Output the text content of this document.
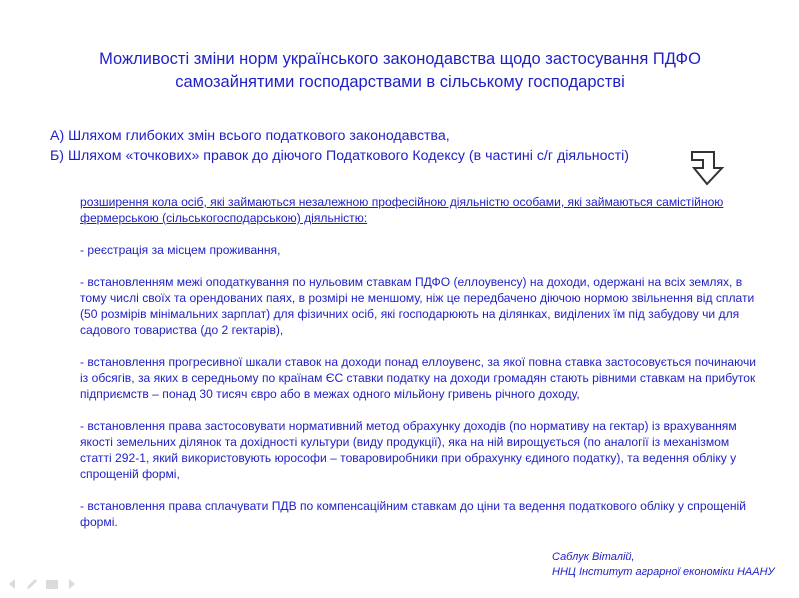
Можливості зміни норм українського законодавства щодо застосування ПДФО
самозайнятими господарствами в сільському господарстві
А) Шляхом глибоких змін всього податкового законодавства,
Б) Шляхом «точкових» правок до діючого Податкового Кодексу (в частині с/г діяльності)

розширення кола осіб, які займаються незалежною професійною діяльністю особами, які займаються самістійною фермерською (сільськогосподарською) діяльністю:

- реєстрація за місцем проживання,

- встановленням межі оподаткування по нульовим ставкам ПДФО (еллоувенсу) на доходи, одержані на всіх землях, в тому числі своїх та орендованих паях, в розмірі не меншому, ніж це передбачено діючою нормою звільнення від сплати (50 розмірів мінімальних зарплат) для фізичних осіб, які господарюють на ділянках, виділених їм під забудову чи для садового товариства (до 2 гектарів),

- встановлення прогресивної шкали ставок на доходи понад еллоувенс, за якої повна ставка застосовується починаючи із обсягів, за яких в середньому по країнам ЄС ставки податку на доходи громадян стають рівними ставкам на прибуток підприємств – понад 30 тисяч євро або в межах одного мільйону гривень річного доходу,

- встановлення права застосовувати нормативний метод обрахунку доходів (по нормативу на гектар) із врахуванням якості земельних ділянок та дохідності культури (виду продукції), яка на ній вирощується (по аналогії із механізмом статті 292-1, який використовують юрософи – товаровиробники при обрахунку єдиного податку), та ведення обліку у спрощеній формі,

- встановлення права сплачувати ПДВ по компенсаційним ставкам до ціни та ведення податкового обліку у спрощеній формі.

Саблук Віталій,
ННЦ Інститут аграрної економіки НААНУ
